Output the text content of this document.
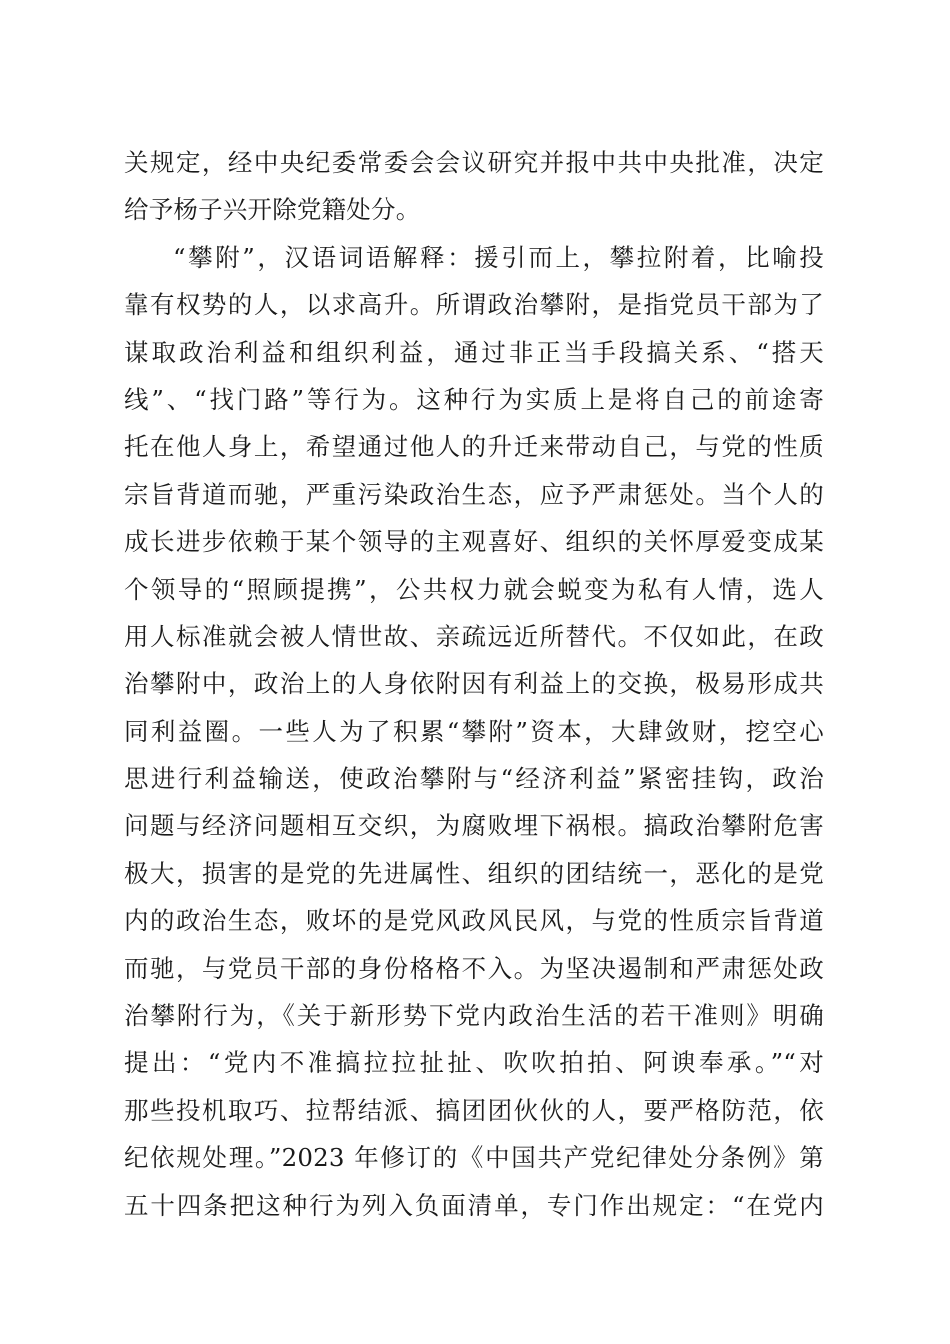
关规定，经中央纪委常委会会议研究并报中共中央批准，决定
给予杨子兴开除党籍处分。
“攀附”，汉语词语解释：援引而上，攀拉附着，比喻投
靠有权势的人，以求高升。所谓政治攀附，是指党员干部为了
谋取政治利益和组织利益，通过非正当手段搞关系、“搭天
线”、“找门路”等行为。这种行为实质上是将自己的前途寄
托在他人身上，希望通过他人的升迁来带动自己，与党的性质
宗旨背道而驰，严重污染政治生态，应予严肃惩处。当个人的
成长进步依赖于某个领导的主观喜好、组织的关怀厚爱变成某
个领导的“照顾提携”，公共权力就会蜕变为私有人情，选人
用人标准就会被人情世故、亲疏远近所替代。不仅如此，在政
治攀附中，政治上的人身依附因有利益上的交换，极易形成共
同利益圈。一些人为了积累“攀附”资本，大肆敛财，挖空心
思进行利益输送，使政治攀附与“经济利益”紧密挂钩，政治
问题与经济问题相互交织，为腐败埋下祸根。搞政治攀附危害
极大，损害的是党的先进属性、组织的团结统一，恶化的是党
内的政治生态，败坏的是党风政风民风，与党的性质宗旨背道
而驰，与党员干部的身份格格不入。为坚决遏制和严肃惩处政
治攀附行为，《关于新形势下党内政治生活的若干准则》明确
提出：“党内不准搞拉拉扯扯、吹吹拍拍、阿谀奉承。”“对
那些投机取巧、拉帮结派、搞团团伙伙的人，要严格防范，依
纪依规处理。”2023 年修订的《中国共产党纪律处分条例》第
五十四条把这种行为列入负面清单，专门作出规定：“在党内
